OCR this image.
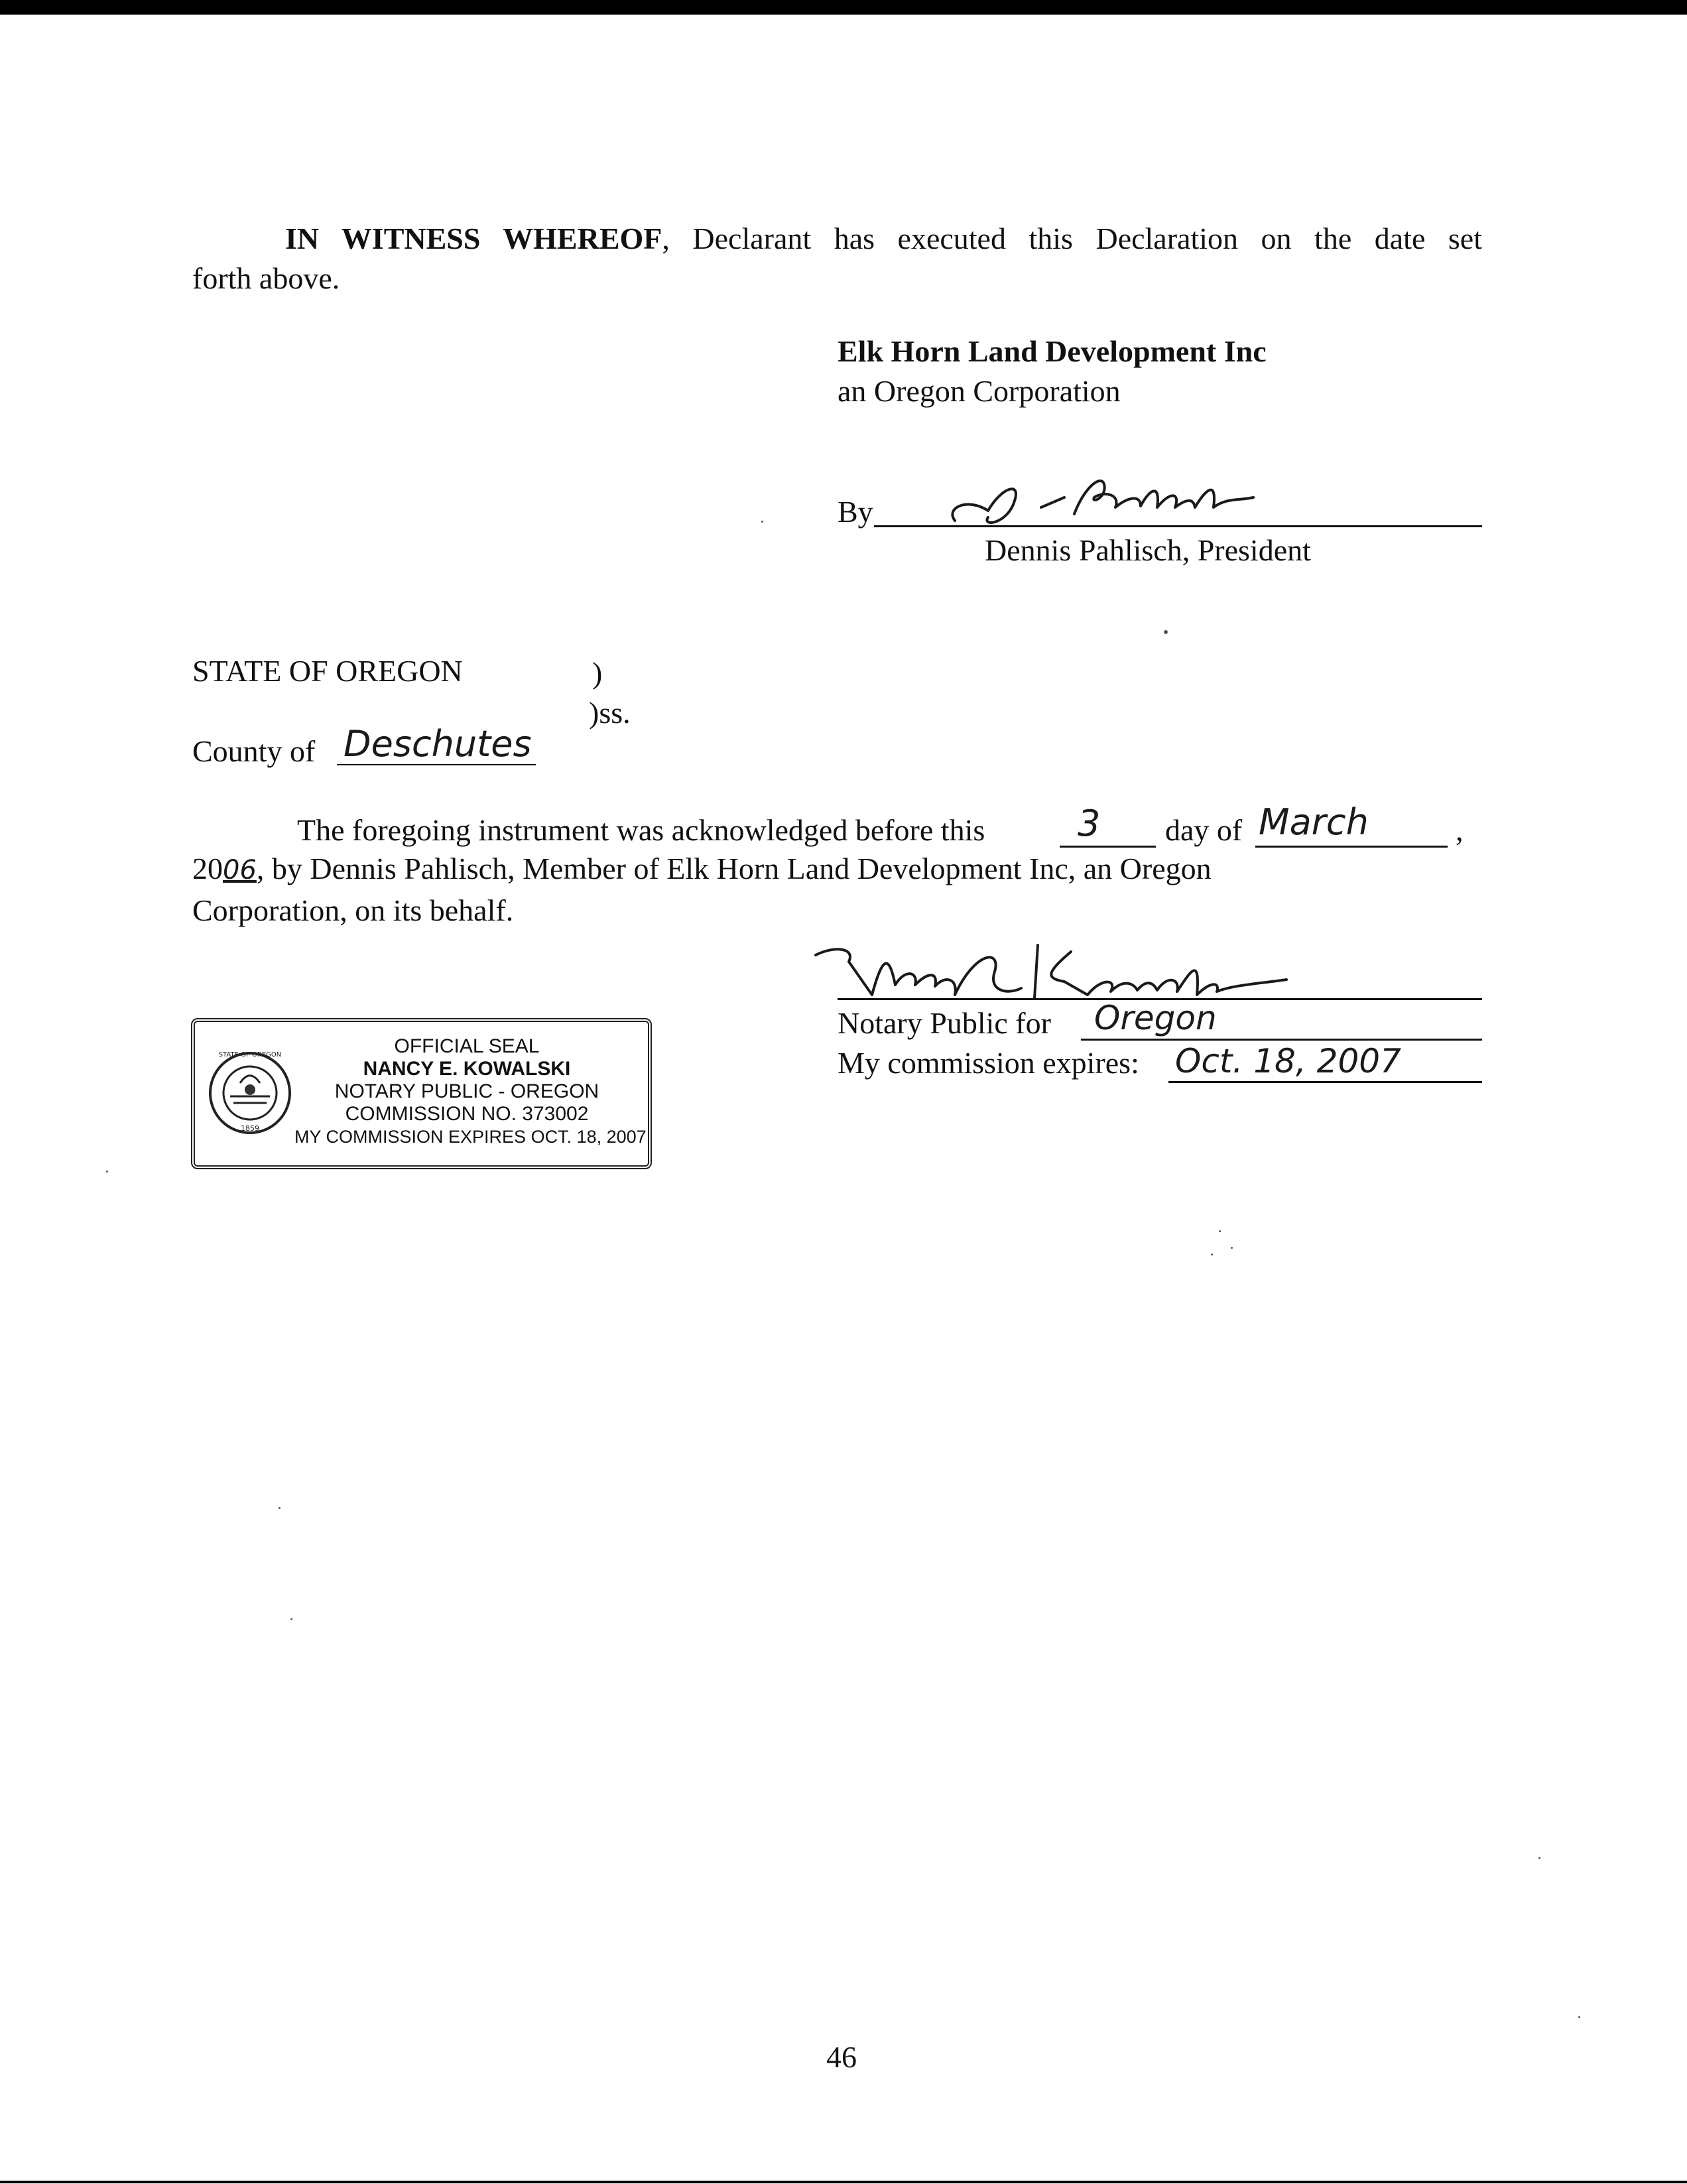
IN WITNESS WHEREOF, Declarant has executed this Declaration on the date set
forth above.
Elk Horn Land Development Inc
an Oregon Corporation
By
Dennis Pahlisch, President
STATE OF OREGON	)
)ss.
County of Deschutes
The foregoing instrument was acknowledged before this	3 day of March	,
2006, by Dennis Pahlisch, Member of Elk Horn Land Development Inc, an Oregon
Corporation, on its behalf.
Notary Public for Oregon
My commission expires: Oct. 18, 2007
STATE OF OREGON
1859
OFFICIAL SEAL
NANCY E. KOWALSKI
NOTARY PUBLIC - OREGON
COMMISSION NO. 373002
MY COMMISSION EXPIRES OCT. 18, 2007
46
